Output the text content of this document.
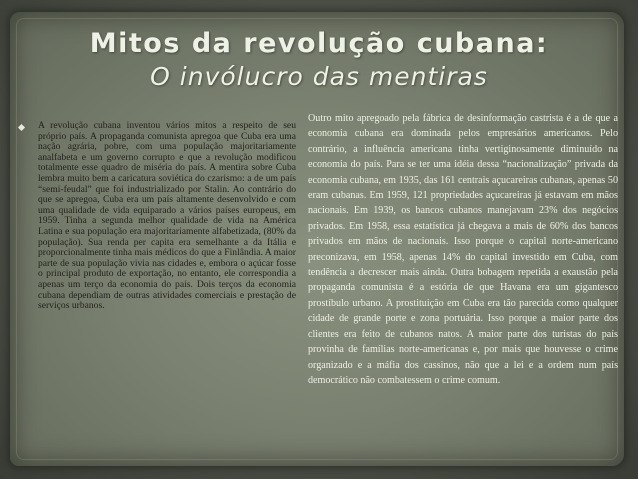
Mitos da revolução cubana:
O invólucro das mentiras

A revolução cubana inventou vários mitos a respeito de seu próprio país. A propaganda comunista apregoa que Cuba era uma nação agrária, pobre, com uma população majoritariamente analfabeta e um governo corrupto e que a revolução modificou totalmente esse quadro de miséria do país. A mentira sobre Cuba lembra muito bem a caricatura soviética do czarismo: a de um país “semi-feudal” que foi industrializado por Stalin. Ao contrário do que se apregoa, Cuba era um país altamente desenvolvido e com uma qualidade de vida equiparado a vários países europeus, em 1959. Tinha a segunda melhor qualidade de vida na América Latina e sua população era majoritariamente alfabetizada, (80% da população). Sua renda per capita era semelhante a da Itália e proporcionalmente tinha mais médicos do que a Finlândia. A maior parte de sua população vivia nas cidades e, embora o açúcar fosse o principal produto de exportação, no entanto, ele correspondia a apenas um terço da economia do país. Dois terços da economia cubana dependiam de outras atividades comerciais e prestação de serviços urbanos.

Outro mito apregoado pela fábrica de desinformação castrista é a de que a economia cubana era dominada pelos empresários americanos. Pelo contrário, a influência americana tinha vertiginosamente diminuído na economia do país. Para se ter uma idéia dessa “nacionalização” privada da economia cubana, em 1935, das 161 centrais açucareiras cubanas, apenas 50 eram cubanas. Em 1959, 121 propriedades açucareiras já estavam em mãos nacionais. Em 1939, os bancos cubanos manejavam 23% dos negócios privados. Em 1958, essa estatística já chegava a mais de 60% dos bancos privados em mãos de nacionais. Isso porque o capital norte-americano preconizava, em 1958, apenas 14% do capital investido em Cuba, com tendência a decrescer mais ainda. Outra bobagem repetida a exaustão pela propaganda comunista é a estória de que Havana era um gigantesco prostíbulo urbano. A prostituição em Cuba era tão parecida como qualquer cidade de grande porte e zona portuária. Isso porque a maior parte dos clientes era feito de cubanos natos. A maior parte dos turistas do país provinha de famílias norte-americanas e, por mais que houvesse o crime organizado e a máfia dos cassinos, não que a lei e a ordem num país democrático não combatessem o crime comum.
